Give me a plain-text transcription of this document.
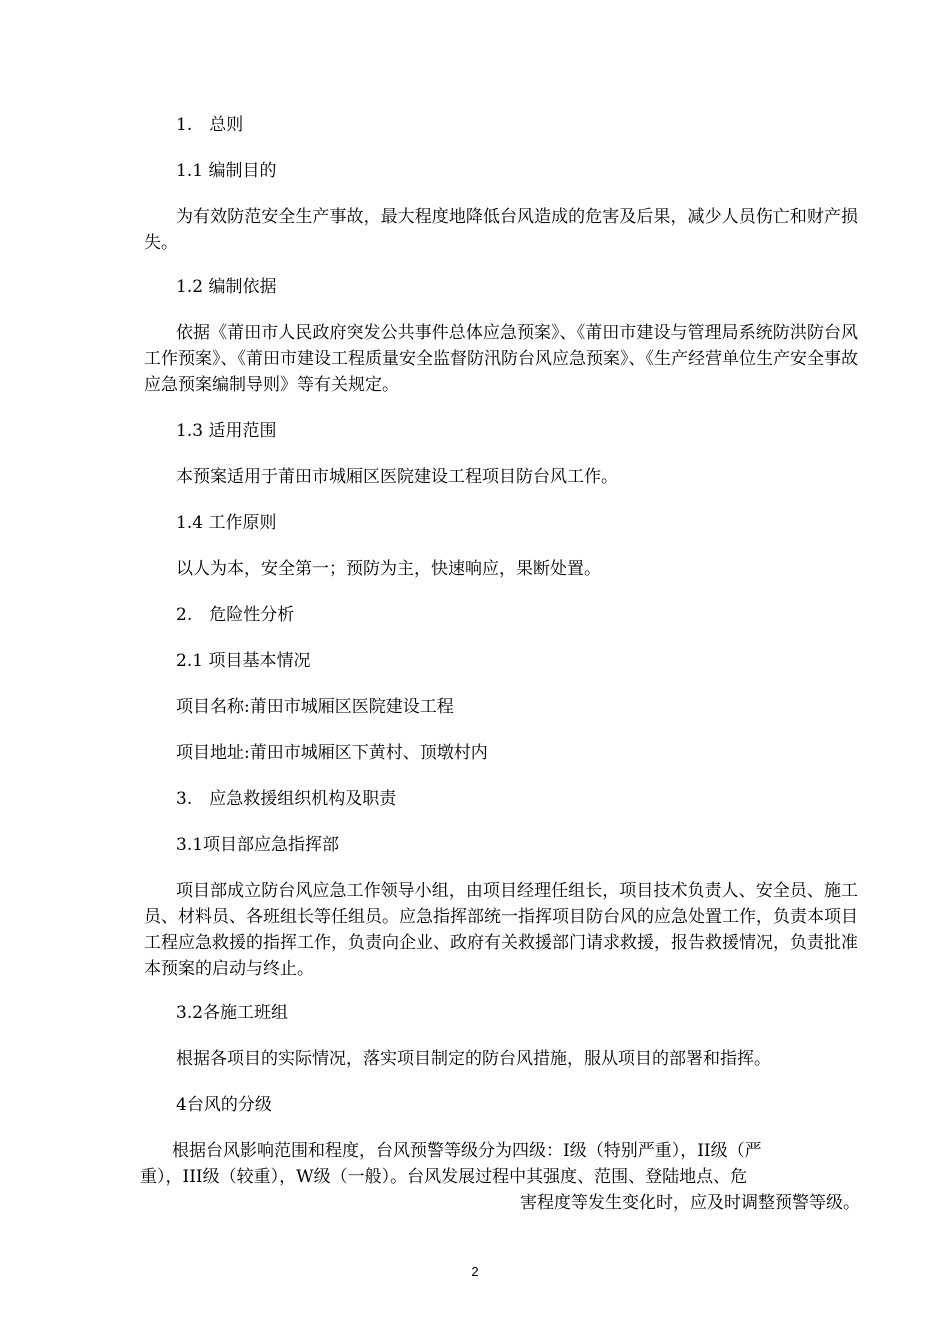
1.　总则
1.1 编制目的
为有效防范安全生产事故，最大程度地降低台风造成的危害及后果，减少人员伤亡和财产损失。
1.2 编制依据
依据《莆田市人民政府突发公共事件总体应急预案》、《莆田市建设与管理局系统防洪防台风工作预案》、《莆田市建设工程质量安全监督防汛防台风应急预案》、《生产经营单位生产安全事故应急预案编制导则》等有关规定。
1.3 适用范围
本预案适用于莆田市城厢区医院建设工程项目防台风工作。
1.4 工作原则
以人为本，安全第一；预防为主，快速响应，果断处置。
2.　危险性分析
2.1 项目基本情况
项目名称:莆田市城厢区医院建设工程
项目地址:莆田市城厢区下黄村、顶墩村内
3.　应急救援组织机构及职责
3.1项目部应急指挥部
项目部成立防台风应急工作领导小组，由项目经理任组长，项目技术负责人、安全员、施工员、材料员、各班组长等任组员。应急指挥部统一指挥项目防台风的应急处置工作，负责本项目工程应急救援的指挥工作，负责向企业、政府有关救援部门请求救援，报告救援情况，负责批准本预案的启动与终止。
3.2各施工班组
根据各项目的实际情况，落实项目制定的防台风措施，服从项目的部署和指挥。
4台风的分级
根据台风影响范围和程度，台风预警等级分为四级：I级（特别严重），II级（严
重），III级（较重），W级（一般）。台风发展过程中其强度、范围、登陆地点、危
害程度等发生变化时，应及时调整预警等级。
2
